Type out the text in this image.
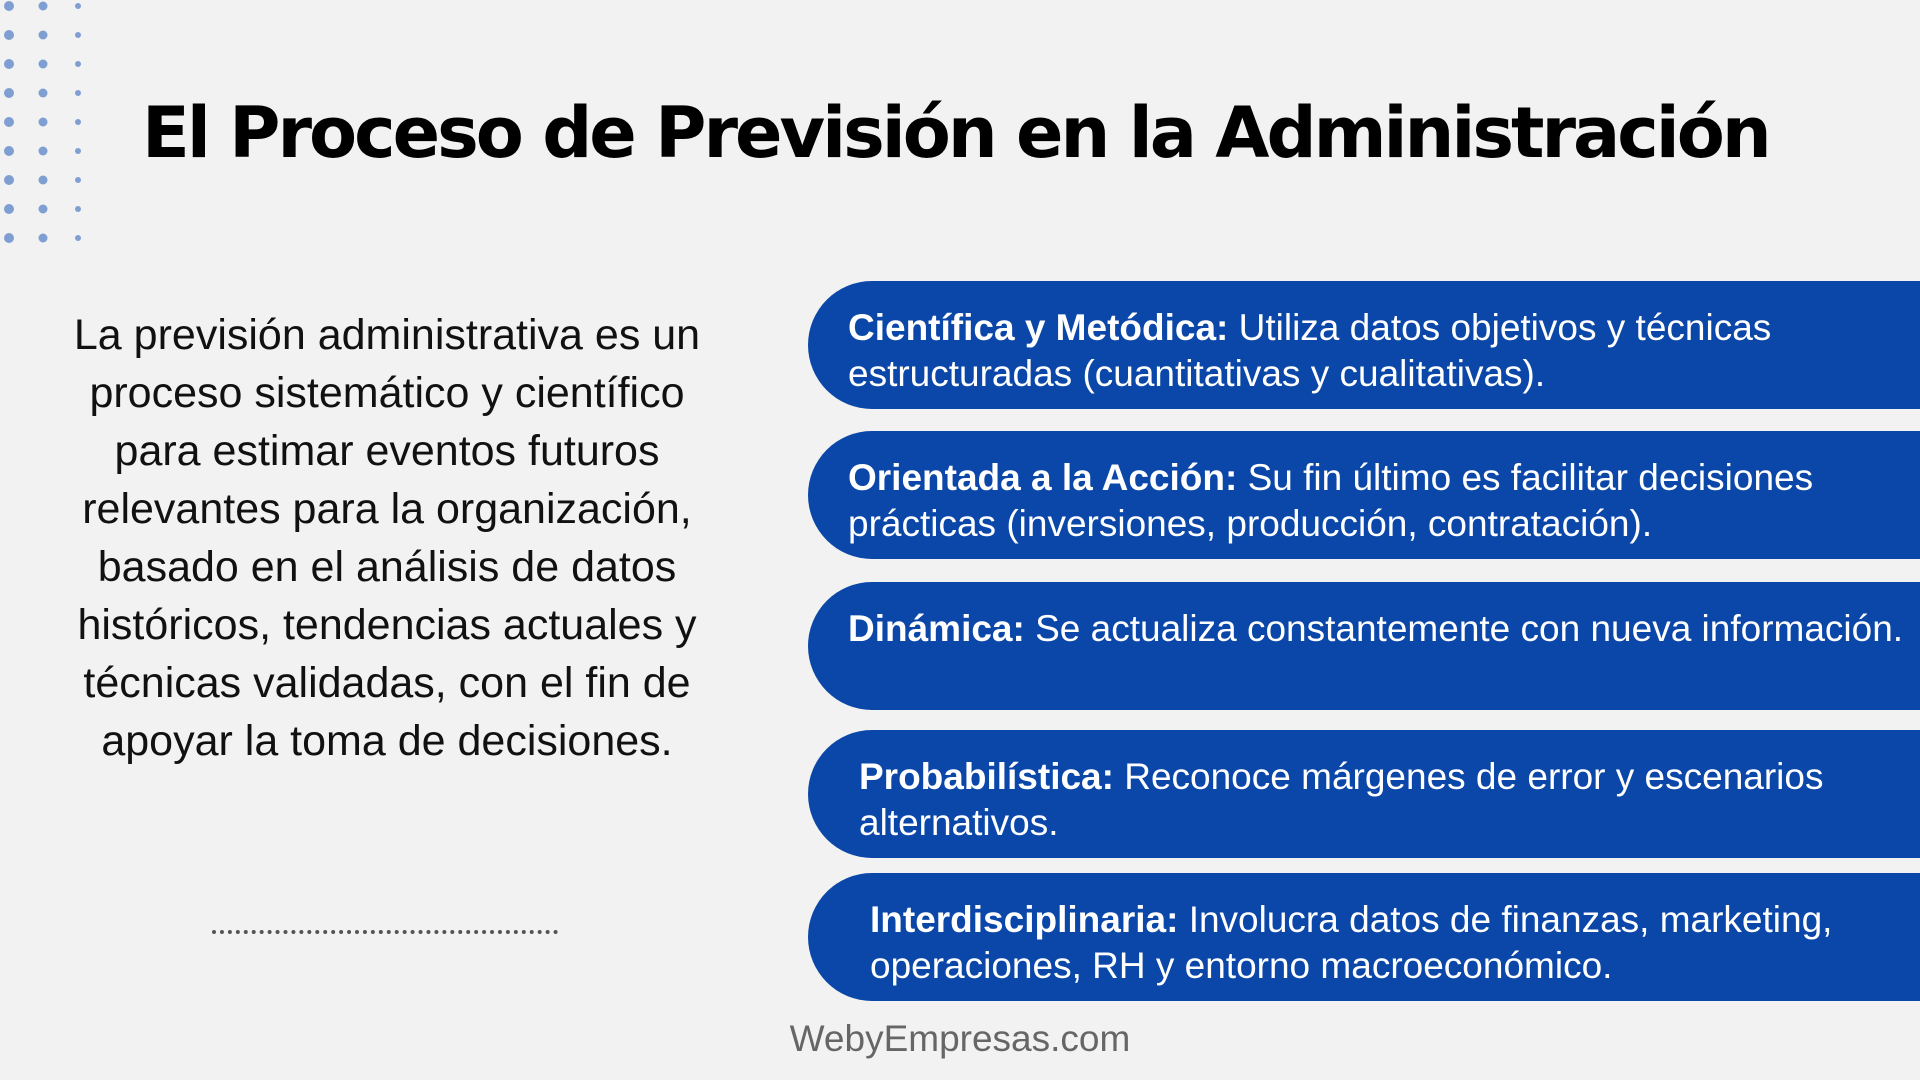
El Proceso de Previsión en la Administración

La previsión administrativa es un proceso sistemático y científico para estimar eventos futuros relevantes para la organización, basado en el análisis de datos históricos, tendencias actuales y técnicas validadas, con el fin de apoyar la toma de decisiones.

Científica y Metódica: Utiliza datos objetivos y técnicas estructuradas (cuantitativas y cualitativas).
Orientada a la Acción: Su fin último es facilitar decisiones prácticas (inversiones, producción, contratación).
Dinámica: Se actualiza constantemente con nueva información.
Probabilística: Reconoce márgenes de error y escenarios alternativos.
Interdisciplinaria: Involucra datos de finanzas, marketing, operaciones, RH y entorno macroeconómico.
WebyEmpresas.com
